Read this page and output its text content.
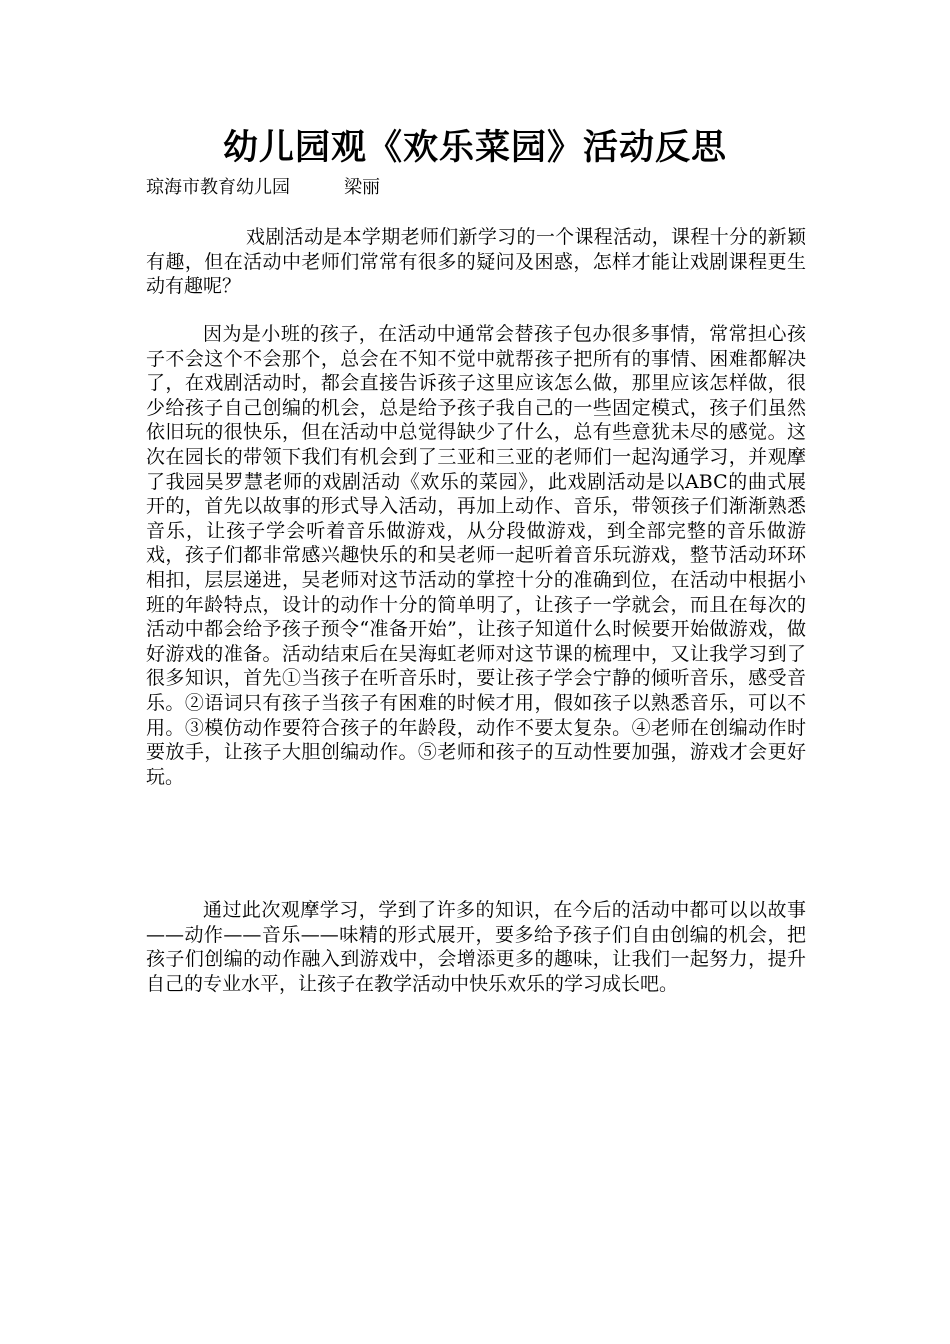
幼儿园观《欢乐菜园》活动反思
琼海市教育幼儿园　　　梁丽

戏剧活动是本学期老师们新学习的一个课程活动，课程十分的新颖有趣，但在活动中老师们常常有很多的疑问及困惑，怎样才能让戏剧课程更生动有趣呢？

因为是小班的孩子，在活动中通常会替孩子包办很多事情，常常担心孩子不会这个不会那个，总会在不知不觉中就帮孩子把所有的事情、困难都解决了，在戏剧活动时，都会直接告诉孩子这里应该怎么做，那里应该怎样做，很少给孩子自己创编的机会，总是给予孩子我自己的一些固定模式，孩子们虽然依旧玩的很快乐，但在活动中总觉得缺少了什么，总有些意犹未尽的感觉。这次在园长的带领下我们有机会到了三亚和三亚的老师们一起沟通学习，并观摩了我园吴罗慧老师的戏剧活动《欢乐的菜园》，此戏剧活动是以ABC的曲式展开的，首先以故事的形式导入活动，再加上动作、音乐，带领孩子们渐渐熟悉音乐，让孩子学会听着音乐做游戏，从分段做游戏，到全部完整的音乐做游戏，孩子们都非常感兴趣快乐的和吴老师一起听着音乐玩游戏，整节活动环环相扣，层层递进，吴老师对这节活动的掌控十分的准确到位，在活动中根据小班的年龄特点，设计的动作十分的简单明了，让孩子一学就会，而且在每次的活动中都会给予孩子预令“准备开始”，让孩子知道什么时候要开始做游戏，做好游戏的准备。活动结束后在吴海虹老师对这节课的梳理中，又让我学习到了很多知识，首先①当孩子在听音乐时，要让孩子学会宁静的倾听音乐，感受音乐。②语词只有孩子当孩子有困难的时候才用，假如孩子以熟悉音乐，可以不用。③模仿动作要符合孩子的年龄段，动作不要太复杂。④老师在创编动作时要放手，让孩子大胆创编动作。⑤老师和孩子的互动性要加强，游戏才会更好玩。

通过此次观摩学习，学到了许多的知识，在今后的活动中都可以以故事——动作——音乐——味精的形式展开，要多给予孩子们自由创编的机会，把孩子们创编的动作融入到游戏中，会增添更多的趣味，让我们一起努力，提升自己的专业水平，让孩子在教学活动中快乐欢乐的学习成长吧。
